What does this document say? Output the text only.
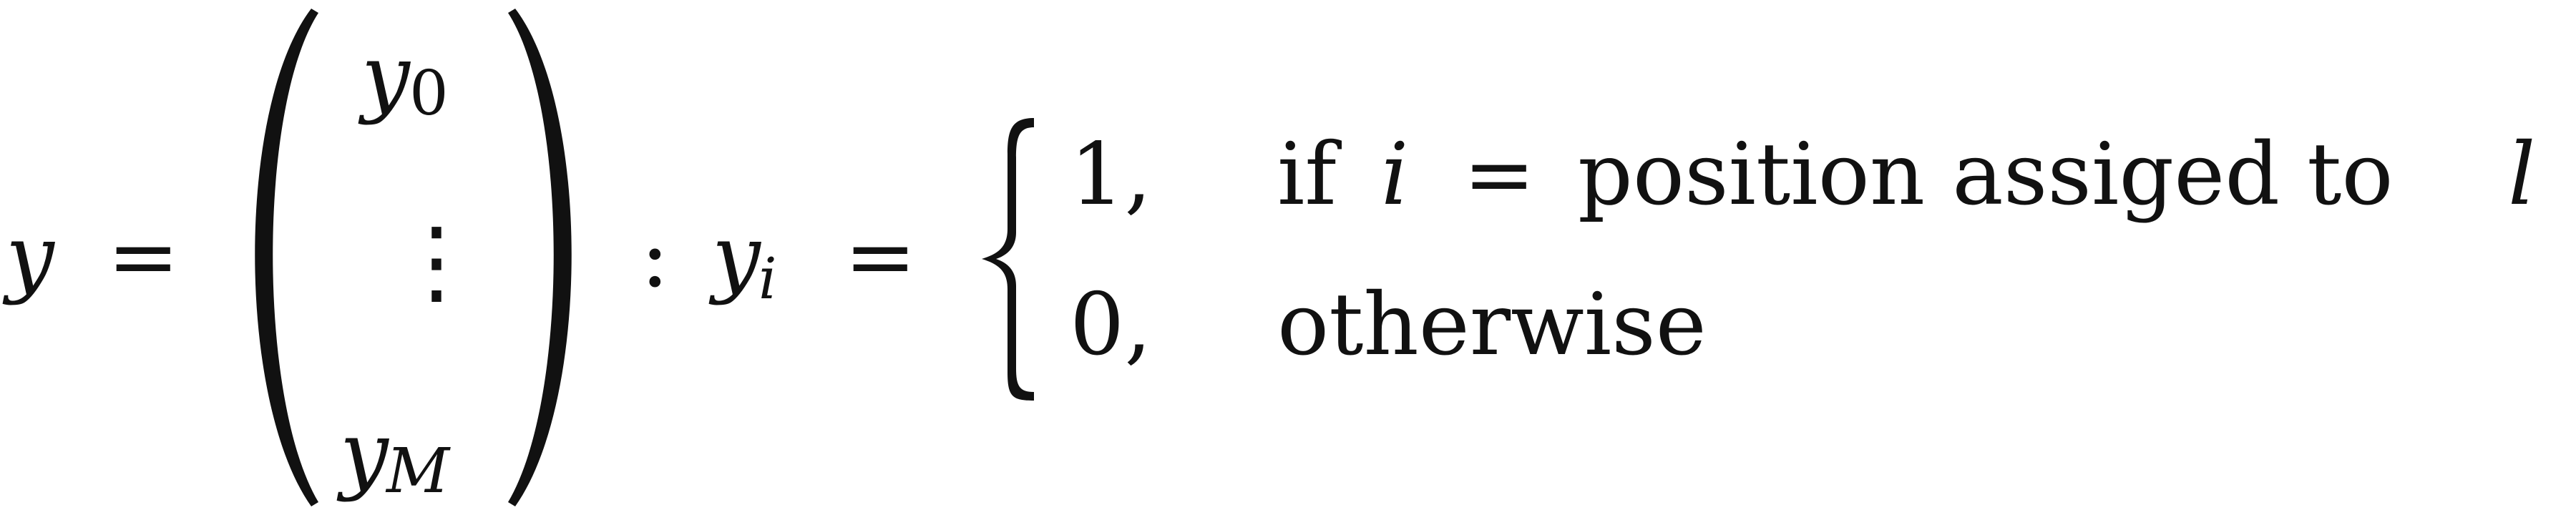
y =
y 0
⋮
y
M
: y
i =
1, if i = position assiged to l
0, otherwise
